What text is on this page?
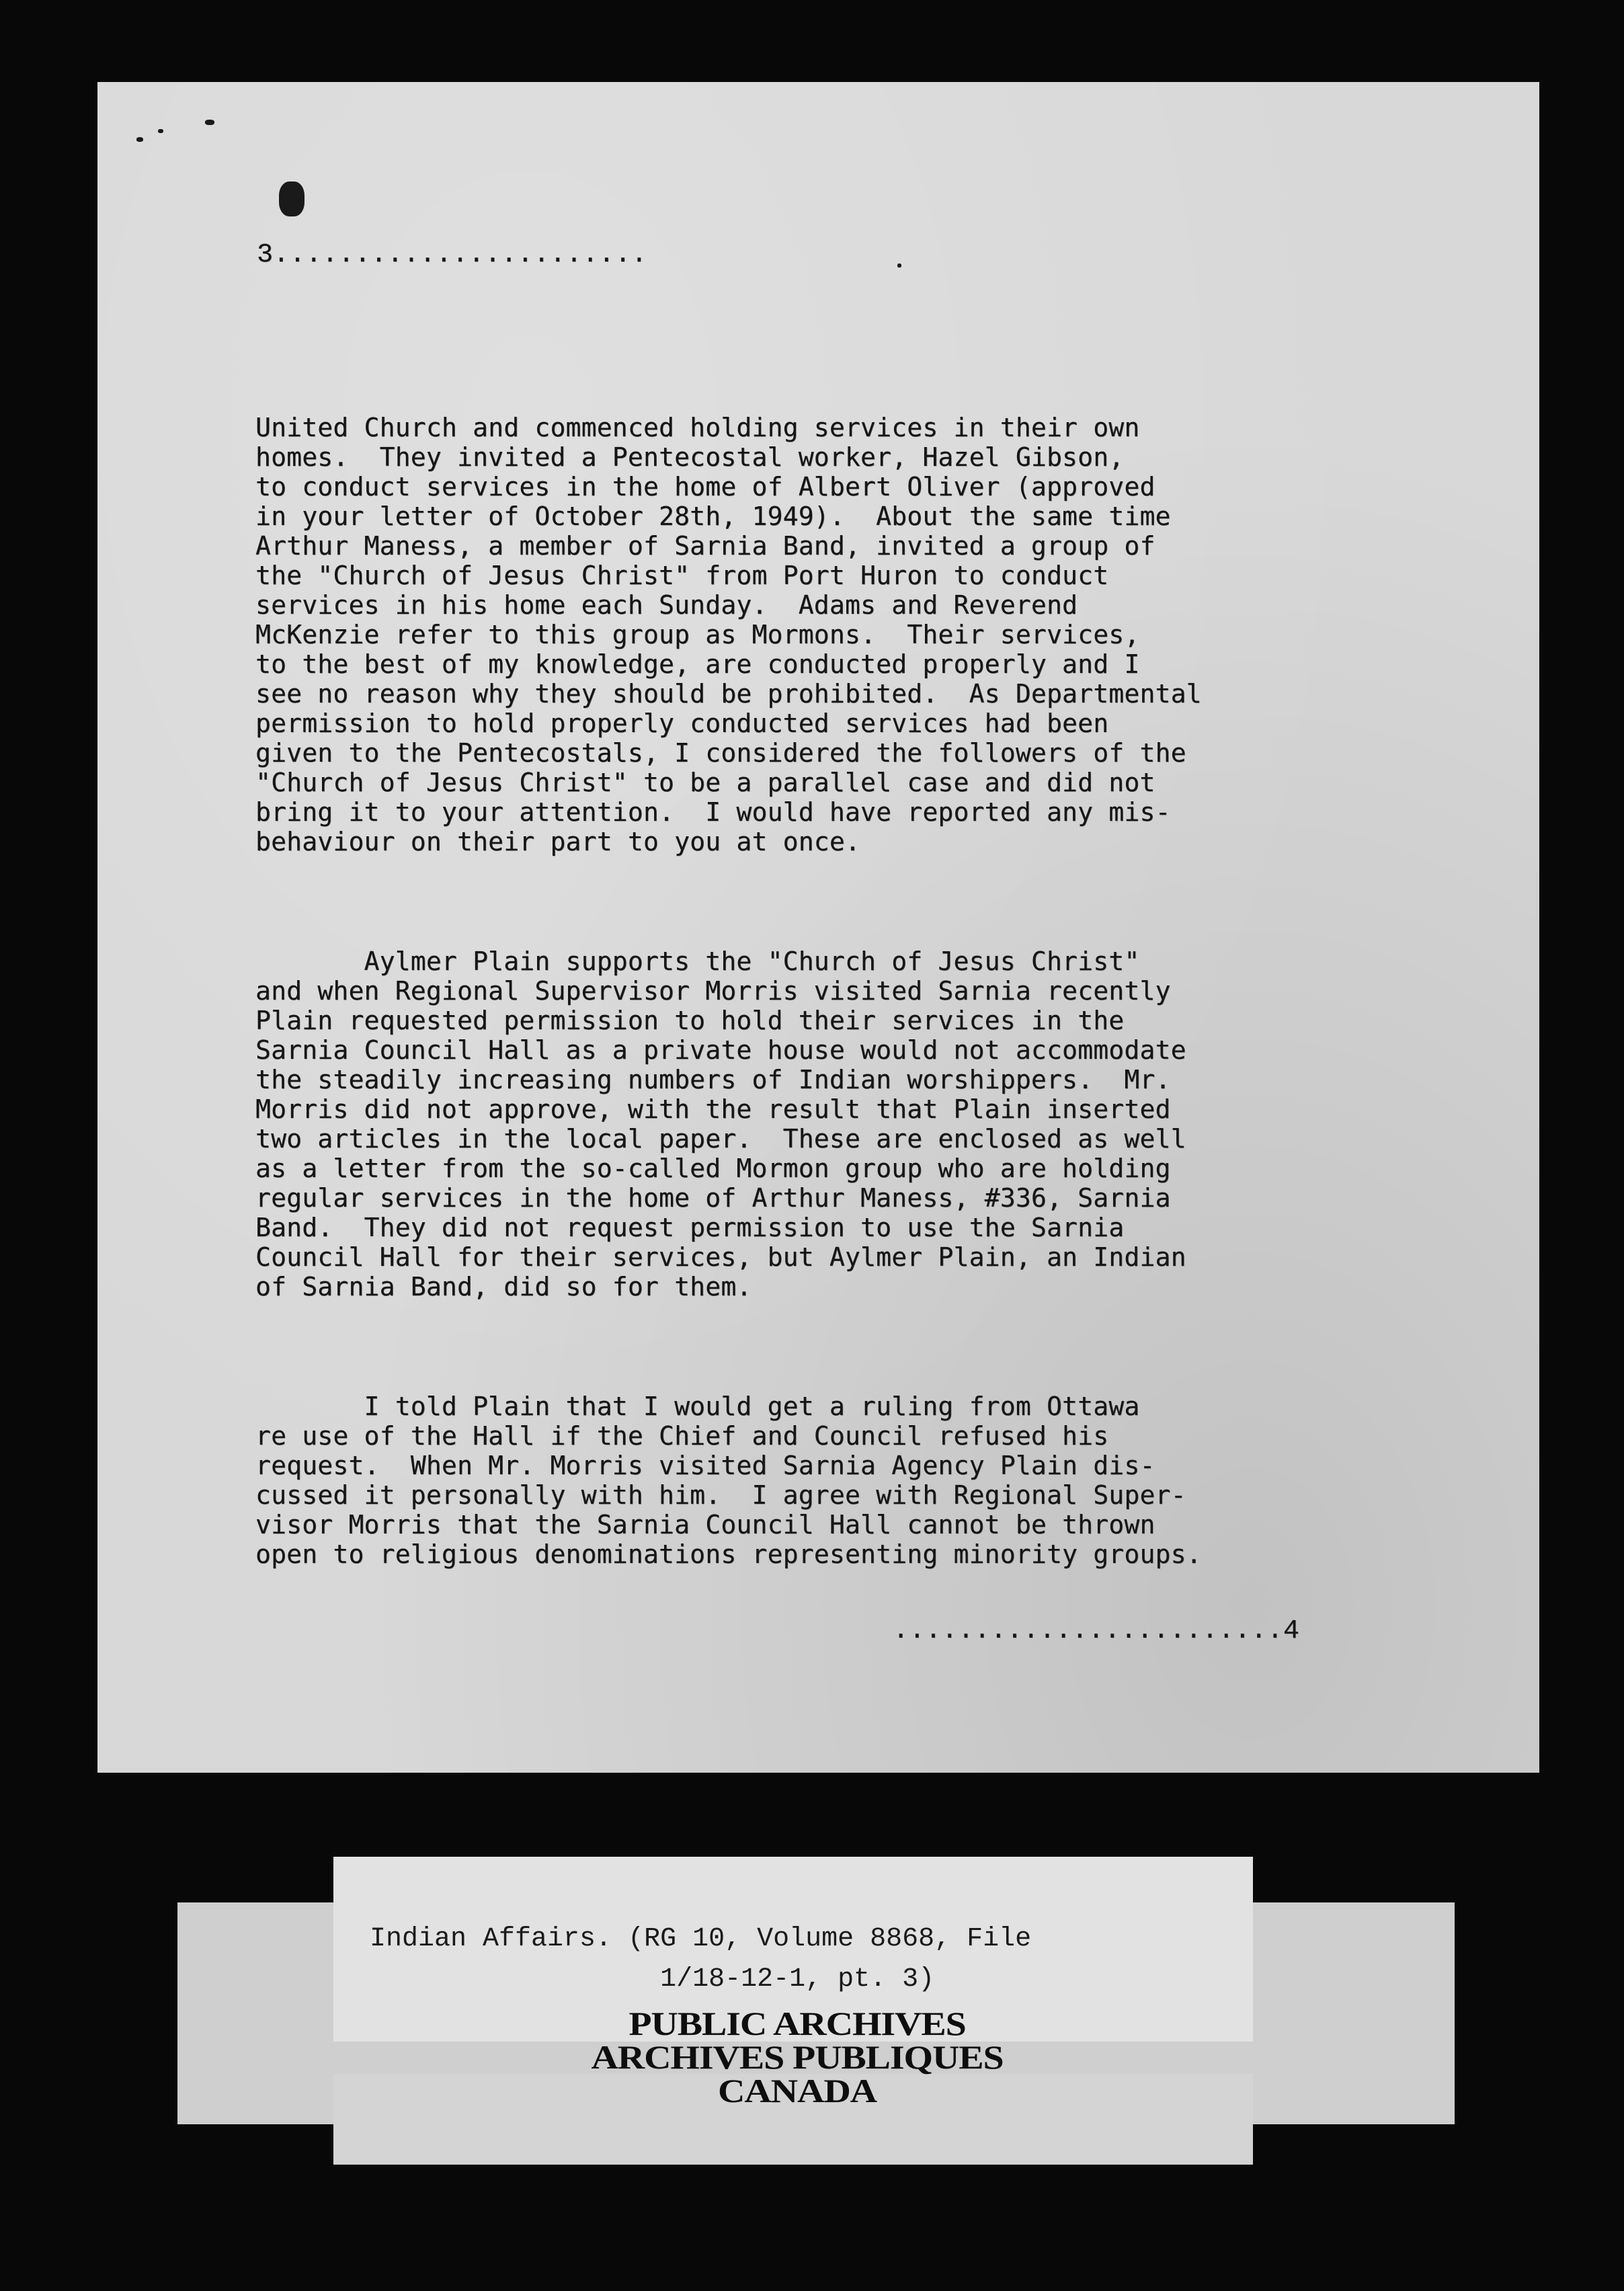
3.......................

United Church and commenced holding services in their own
homes.  They invited a Pentecostal worker, Hazel Gibson,
to conduct services in the home of Albert Oliver (approved
in your letter of October 28th, 1949).  About the same time
Arthur Maness, a member of Sarnia Band, invited a group of
the "Church of Jesus Christ" from Port Huron to conduct
services in his home each Sunday.  Adams and Reverend
McKenzie refer to this group as Mormons.  Their services,
to the best of my knowledge, are conducted properly and I
see no reason why they should be prohibited.  As Departmental
permission to hold properly conducted services had been
given to the Pentecostals, I considered the followers of the
"Church of Jesus Christ" to be a parallel case and did not
bring it to your attention.  I would have reported any mis-
behaviour on their part to you at once.

Aylmer Plain supports the "Church of Jesus Christ"
and when Regional Supervisor Morris visited Sarnia recently
Plain requested permission to hold their services in the
Sarnia Council Hall as a private house would not accommodate
the steadily increasing numbers of Indian worshippers.  Mr.
Morris did not approve, with the result that Plain inserted
two articles in the local paper.  These are enclosed as well
as a letter from the so-called Mormon group who are holding
regular services in the home of Arthur Maness, #336, Sarnia
Band.  They did not request permission to use the Sarnia
Council Hall for their services, but Aylmer Plain, an Indian
of Sarnia Band, did so for them.

I told Plain that I would get a ruling from Ottawa
re use of the Hall if the Chief and Council refused his
request.  When Mr. Morris visited Sarnia Agency Plain dis-
cussed it personally with him.  I agree with Regional Super-
visor Morris that the Sarnia Council Hall cannot be thrown
open to religious denominations representing minority groups.

........................4
Indian Affairs. (RG 10, Volume 8868, File
1/18-12-1, pt. 3)
PUBLIC ARCHIVES
ARCHIVES PUBLIQUES
CANADA
